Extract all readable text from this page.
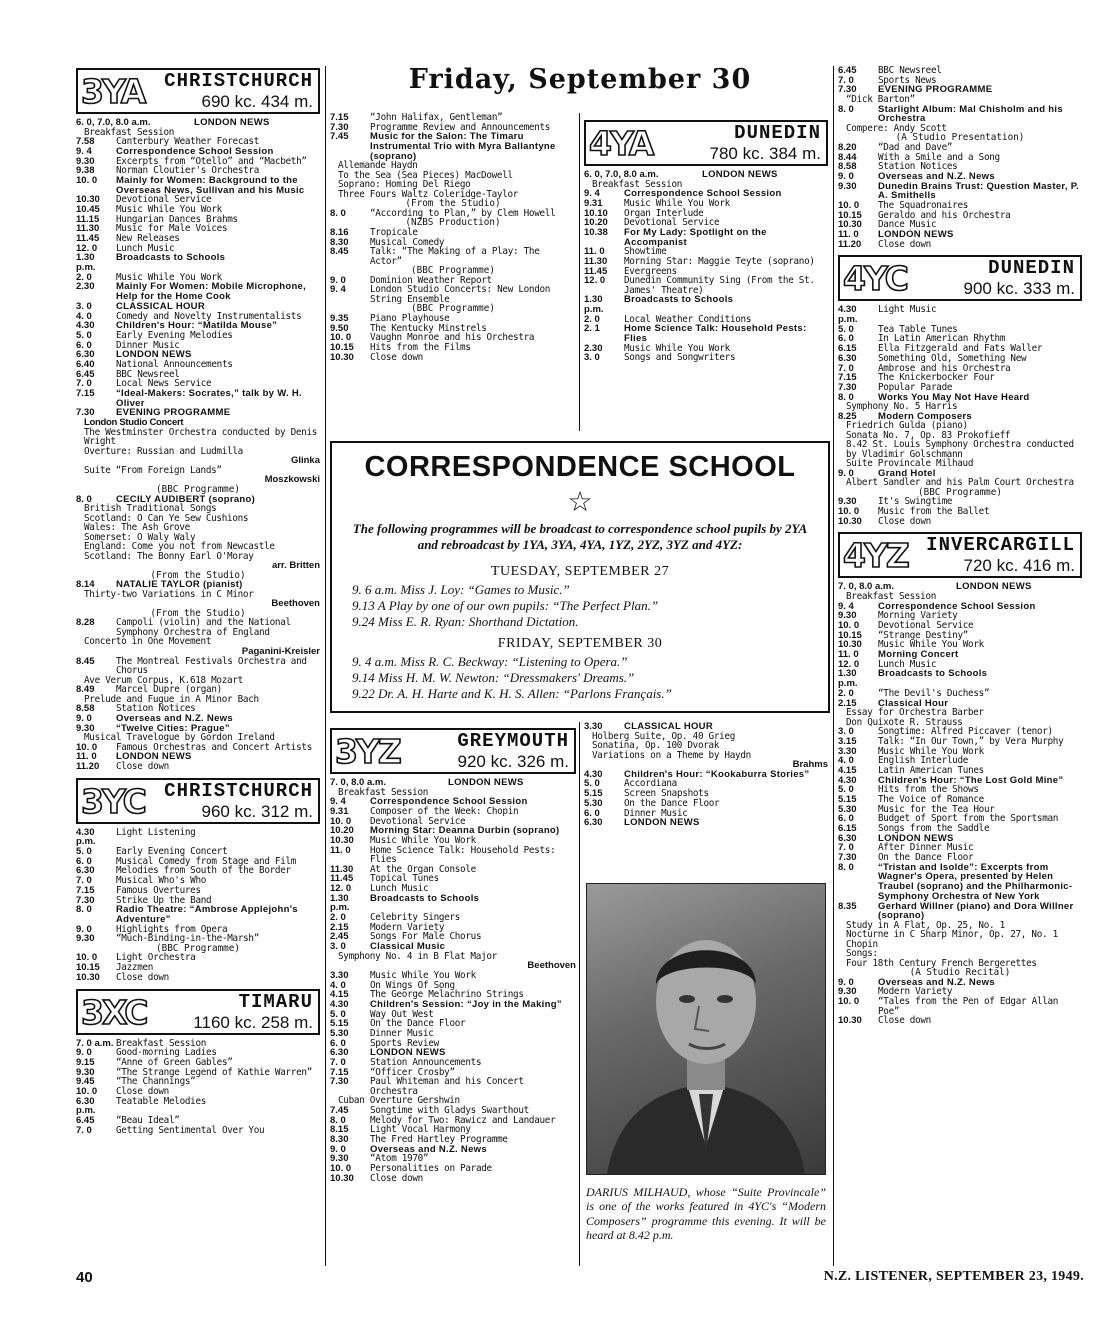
Friday, September 30
3YA CHRISTCHURCH
690 kc. 434 m.
6. 0, 7.0, 8.0 a.m.	LONDON NEWS
Breakfast Session
7.58	Canterbury Weather Forecast
9. 4	Correspondence School Session
9.30	Excerpts from “Otello” and “Macbeth”
9.38	Norman Cloutier's Orchestra
10. 0	Mainly for Women: Background to the Overseas News, Sullivan and his Music
10.30	Devotional Service
10.45	Music While You Work
11.15	Hungarian Dances Brahms
11.30	Music for Male Voices
11.45	New Releases
12. 0	Lunch Music
1.30 p.m.
Broadcasts to Schools
2. 0	Music While You Work
2.30	Mainly For Women: Mobile Microphone, Help for the Home Cook
3. 0	CLASSICAL HOUR
4. 0	Comedy and Novelty Instrumentalists
4.30	Children's Hour: “Matilda Mouse”
5. 0	Early Evening Melodies
6. 0	Dinner Music
6.30	LONDON NEWS
6.40	National Announcements
6.45	BBC Newsreel
7. 0	Local News Service
7.15	“Ideal-Makers: Socrates,” talk by W. H. Oliver
7.30	EVENING PROGRAMME
London Studio Concert
The Westminster Orchestra conducted by Denis Wright
Overture: Russian and Ludmilla
Glinka
Suite “From Foreign Lands”
Moszkowski
(BBC Programme)
8. 0	CECILY AUDIBERT (soprano)
British Traditional Songs
Scotland: O Can Ye Sew Cushions
Wales: The Ash Grove
Somerset: O Waly Waly
England: Come you not from Newcastle
Scotland: The Bonny Earl O'Moray
arr. Britten
(From the Studio)
8.14	NATALIE TAYLOR (pianist)
Thirty-two Variations in C Minor
Beethoven
(From the Studio)
8.28	Campoli (violin) and the National Symphony Orchestra of England
Concerto in One Movement
Paganini-Kreisler
8.45	The Montreal Festivals Orchestra and Chorus
Ave Verum Corpus, K.618 Mozart
8.49	Marcel Dupre (organ)
Prelude and Fugue in A Minor Bach
8.58	Station Notices
9. 0	Overseas and N.Z. News
9.30	“Twelve Cities: Prague”
Musical Travelogue by Gordon Ireland
10. 0	Famous Orchestras and Concert Artists
11. 0	LONDON NEWS
11.20	Close down
3YC CHRISTCHURCH
960 kc. 312 m.
4.30 p.m.
Light Listening
5. 0	Early Evening Concert
6. 0	Musical Comedy from Stage and Film
6.30	Melodies from South of the Border
7. 0	Musical Who's Who
7.15	Famous Overtures
7.30	Strike Up the Band
8. 0	Radio Theatre: “Ambrose Applejohn's Adventure”
9. 0	Highlights from Opera
9.30	“Much-Binding-in-the-Marsh”
(BBC Programme)
10. 0	Light Orchestra
10.15	Jazzmen
10.30	Close down
3XC	TIMARU
1160 kc. 258 m.
7. 0 a.m. Breakfast Session
9. 0	Good-morning Ladies
9.15	“Anne of Green Gables”
9.30	“The Strange Legend of Kathie Warren”
9.45	“The Channings”
10. 0	Close down
6.30 p.m.
Teatable Melodies
6.45	“Beau Ideal”
7. 0	Getting Sentimental Over You
7.15	“John Halifax, Gentleman”
7.30	Programme Review and Announcements
7.45	Music for the Salon: The Timaru Instrumental Trio with Myra Ballantyne (soprano)
Allemande Haydn
To the Sea (Sea Pieces) MacDowell
Soprano: Homing Del Riego
Three Fours Waltz Coleridge-Taylor
(From the Studio)
8. 0	“According to Plan,” by Clem Howell
(NZBS Production)
8.16	Tropicale
8.30	Musical Comedy
8.45	Talk: “The Making of a Play: The Actor”
(BBC Programme)
9. 0	Dominion Weather Report
9. 4	London Studio Concerts: New London String Ensemble
(BBC Programme)
9.35	Piano Playhouse
9.50	The Kentucky Minstrels
10. 0	Vaughn Monroe and his Orchestra
10.15	Hits from the Films
10.30	Close down
4YA	DUNEDIN
780 kc. 384 m.
6. 0, 7.0, 8.0 a.m.	LONDON NEWS
Breakfast Session
9. 4	Correspondence School Session
9.31	Music While You Work
10.10	Organ Interlude
10.20	Devotional Service
10.38	For My Lady: Spotlight on the Accompanist
11. 0	Showtime
11.30	Morning Star: Maggie Teyte (soprano)
11.45	Evergreens
12. 0	Dunedin Community Sing (From the St. James' Theatre)
1.30 p.m.
Broadcasts to Schools
2. 0	Local Weather Conditions
2. 1	Home Science Talk: Household Pests: Flies
2.30	Music While You Work
3. 0	Songs and Songwriters
CORRESPONDENCE SCHOOL
☆
The following programmes will be broadcast to correspondence school pupils by 2YA and rebroadcast by 1YA, 3YA, 4YA, 1YZ, 2YZ, 3YZ and 4YZ:
TUESDAY, SEPTEMBER 27
9. 6 a.m. Miss J. Loy: “Games to Music.”
9.13 A Play by one of our own pupils: “The Perfect Plan.”
9.24 Miss E. R. Ryan: Shorthand Dictation.
FRIDAY, SEPTEMBER 30
9. 4 a.m. Miss R. C. Beckway: “Listening to Opera.”
9.14 Miss H. M. W. Newton: “Dressmakers' Dreams.”
9.22 Dr. A. H. Harte and K. H. S. Allen: “Parlons Français.”
3YZ	GREYMOUTH
920 kc. 326 m.
7. 0, 8.0 a.m.	LONDON NEWS
Breakfast Session
9. 4	Correspondence School Session
9.31	Composer of the Week: Chopin
10. 0	Devotional Service
10.20	Morning Star: Deanna Durbin (soprano)
10.30	Music While You Work
11. 0	Home Science Talk: Household Pests: Flies
11.30	At the Organ Console
11.45	Topical Tunes
12. 0	Lunch Music
1.30 p.m.
Broadcasts to Schools
2. 0	Celebrity Singers
2.15	Modern Variety
2.45	Songs For Male Chorus
3. 0	Classical Music
Symphony No. 4 in B Flat Major
Beethoven
3.30	Music While You Work
4. 0	On Wings Of Song
4.15	The George Melachrino Strings
4.30	Children's Session: “Joy in the Making”
5. 0	Way Out West
5.15	On the Dance Floor
5.30	Dinner Music
6. 0	Sports Review
6.30	LONDON NEWS
7. 0	Station Announcements
7.15	“Officer Crosby”
7.30	Paul Whiteman and his Concert Orchestra
Cuban Overture Gershwin
7.45	Songtime with Gladys Swarthout
8. 0	Melody for Two: Rawicz and Landauer
8.15	Light Vocal Harmony
8.30	The Fred Hartley Programme
9. 0	Overseas and N.Z. News
9.30	“Atom 1970”
10. 0	Personalities on Parade
10.30	Close down
3.30	CLASSICAL HOUR
Holberg Suite, Op. 40 Grieg
Sonatina, Op. 100 Dvorak
Variations on a Theme by Haydn
Brahms
4.30	Children's Hour: “Kookaburra Stories”
5. 0	Accordiana
5.15	Screen Snapshots
5.30	On the Dance Floor
6. 0	Dinner Music
6.30	LONDON NEWS
DARIUS MILHAUD, whose “Suite Provincale” is one of the works featured in 4YC's “Modern Composers” programme this evening. It will be heard at 8.42 p.m.
6.45	BBC Newsreel
7. 0	Sports News
7.30	EVENING PROGRAMME
“Dick Barton”
8. 0	Starlight Album: Mal Chisholm and his Orchestra
Compere: Andy Scott
(A Studio Presentation)
8.20	“Dad and Dave”
8.44	With a Smile and a Song
8.58	Station Notices
9. 0	Overseas and N.Z. News
9.30	Dunedin Brains Trust: Question Master, P. A. Smithells
10. 0	The Squadronaires
10.15	Geraldo and his Orchestra
10.30	Dance Music
11. 0	LONDON NEWS
11.20	Close down
4YC	DUNEDIN
900 kc. 333 m.
4.30 p.m.
Light Music
5. 0	Tea Table Tunes
6. 0	In Latin American Rhythm
6.15	Ella Fitzgerald and Fats Waller
6.30	Something Old, Something New
7. 0	Ambrose and his Orchestra
7.15	The Knickerbocker Four
7.30	Popular Parade
8. 0	Works You May Not Have Heard
Symphony No. 5 Harris
8.25	Modern Composers
Friedrich Gulda (piano)
Sonata No. 7, Op. 83 Prokofieff
8.42 St. Louis Symphony Orchestra conducted by Vladimir Golschmann
Suite Provincale Milhaud
9. 0	Grand Hotel
Albert Sandler and his Palm Court Orchestra
(BBC Programme)
9.30	It's Swingtime
10. 0	Music from the Ballet
10.30	Close down
4YZ INVERCARGILL
720 kc. 416 m.
7. 0, 8.0 a.m.	LONDON NEWS
Breakfast Session
9. 4	Correspondence School Session
9.30	Morning Variety
10. 0	Devotional Service
10.15	“Strange Destiny”
10.30	Music While You Work
11. 0	Morning Concert
12. 0	Lunch Music
1.30 p.m.
Broadcasts to Schools
2. 0	“The Devil's Duchess”
2.15	Classical Hour
Essay for Orchestra Barber
Don Quixote R. Strauss
3. 0	Songtime: Alfred Piccaver (tenor)
3.15	Talk: “In Our Town,” by Vera Murphy
3.30	Music While You Work
4. 0	English Interlude
4.15	Latin American Tunes
4.30	Children's Hour: “The Lost Gold Mine”
5. 0	Hits from the Shows
5.15	The Voice of Romance
5.30	Music for the Tea Hour
6. 0	Budget of Sport from the Sportsman
6.15	Songs from the Saddle
6.30	LONDON NEWS
7. 0	After Dinner Music
7.30	On the Dance Floor
8. 0	“Tristan and Isolde”: Excerpts from Wagner's Opera, presented by Helen Traubel (soprano) and the Philharmonic-Symphony Orchestra of New York
8.35	Gerhard Willner (piano) and Dora Willner (soprano)
Study in A Flat, Op. 25, No. 1
Nocturne in C Sharp Minor, Op. 27, No. 1 Chopin
Songs:
Four 18th Century French Bergerettes
(A Studio Recital)
9. 0	Overseas and N.Z. News
9.30	Modern Variety
10. 0	“Tales from the Pen of Edgar Allan Poe”
10.30	Close down
40	N.Z. LISTENER, SEPTEMBER 23, 1949.
